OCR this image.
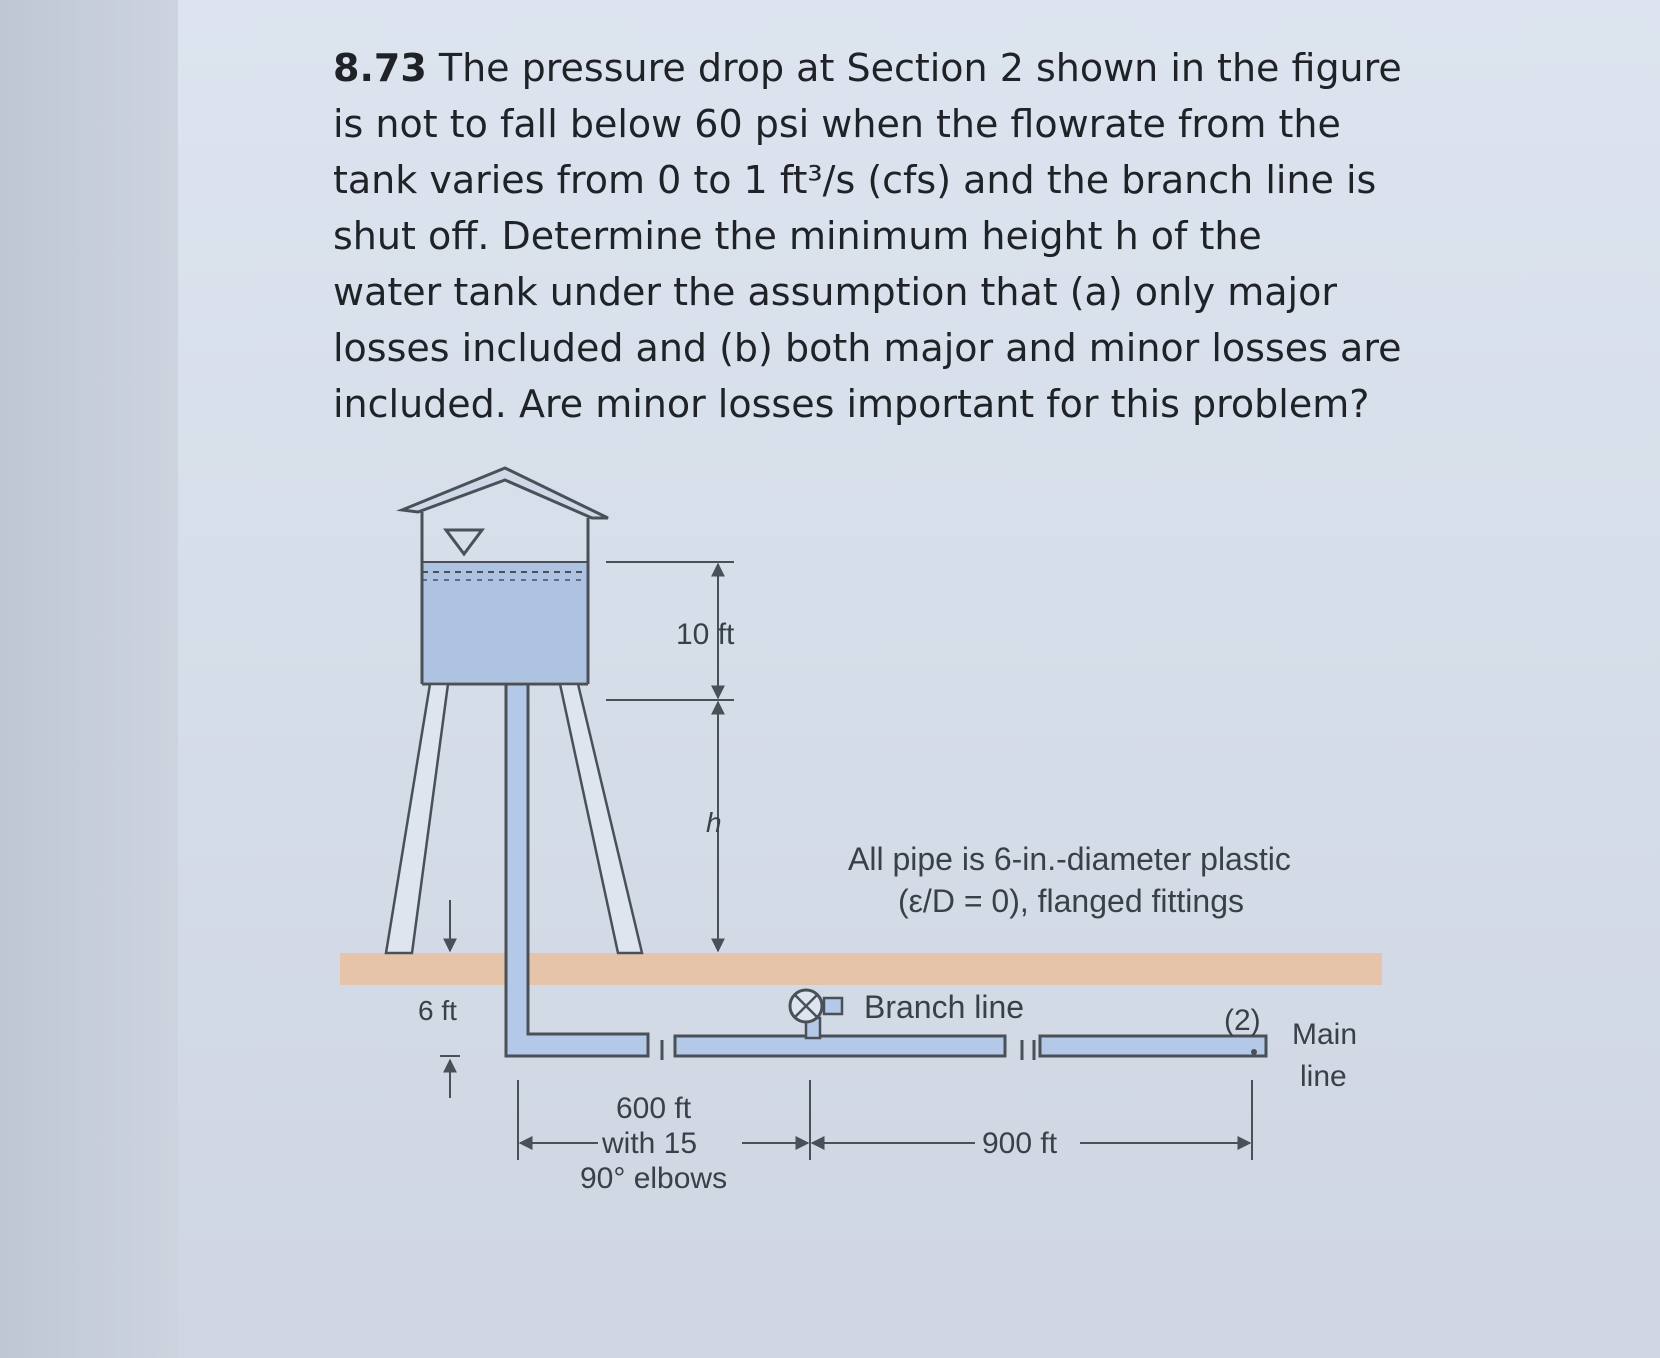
8.73 The pressure drop at Section 2 shown in the figure
is not to fall below 60 psi when the flowrate from the
tank varies from 0 to 1 ft³/s (cfs) and the branch line is
shut off. Determine the minimum height h of the
water tank under the assumption that (a) only major
losses included and (b) both major and minor losses are
included. Are minor losses important for this problem?
10 ft
h
6 ft
All pipe is 6-in.-diameter plastic
(ε/D = 0), flanged fittings
Branch line	(2) Main
line
600 ft
with 15
90° elbows
900 ft
